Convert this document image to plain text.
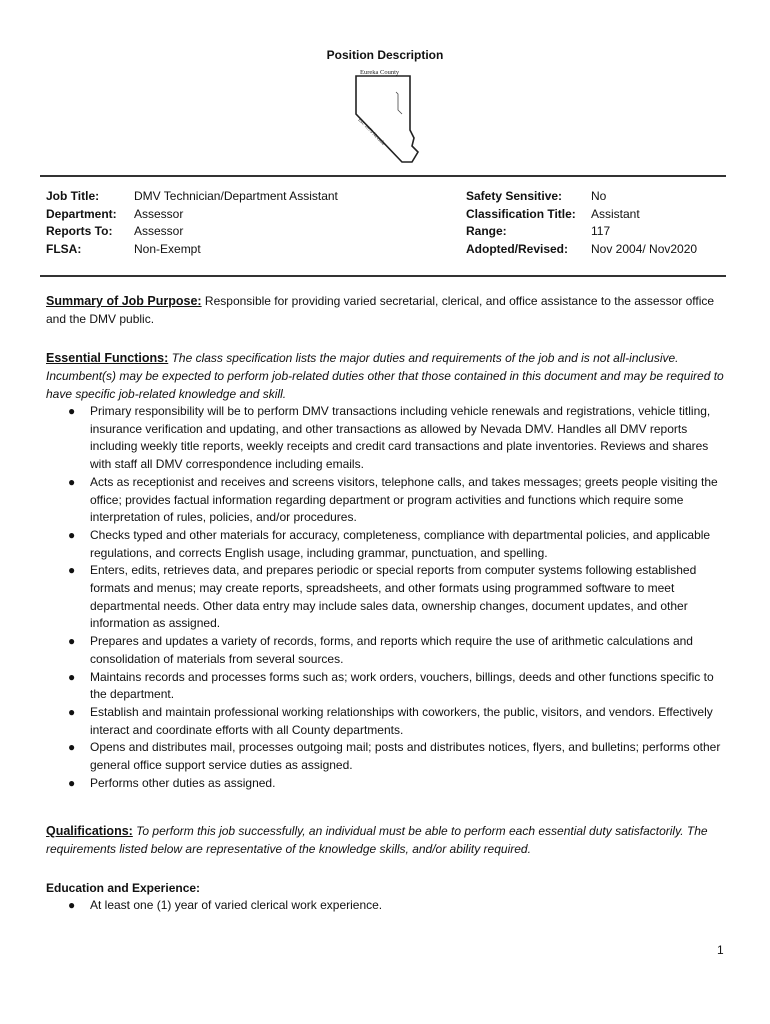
Position Description
Eureka County
Est. 1873 Nevada
Job Title:	DMV Technician/Department Assistant
Department:	Assessor
Reports To:	Assessor
FLSA:	Non-Exempt
Safety Sensitive:	No
Classification Title:	Assistant
Range:	117
Adopted/Revised:	Nov 2004/ Nov2020
Summary of Job Purpose: Responsible for providing varied secretarial, clerical, and office assistance to the assessor office and the DMV public.
Essential Functions: The class specification lists the major duties and requirements of the job and is not all-inclusive. Incumbent(s) may be expected to perform job-related duties other that those contained in this document and may be required to have specific job-related knowledge and skill.
● Primary responsibility will be to perform DMV transactions including vehicle renewals and registrations, vehicle titling, insurance verification and updating, and other transactions as allowed by Nevada DMV. Handles all DMV reports including weekly title reports, weekly receipts and credit card transactions and plate inventories. Reviews and shares with staff all DMV correspondence including emails.
● Acts as receptionist and receives and screens visitors, telephone calls, and takes messages; greets people visiting the office; provides factual information regarding department or program activities and functions which require some interpretation of rules, policies, and/or procedures.
● Checks typed and other materials for accuracy, completeness, compliance with departmental policies, and applicable regulations, and corrects English usage, including grammar, punctuation, and spelling.
● Enters, edits, retrieves data, and prepares periodic or special reports from computer systems following established formats and menus; may create reports, spreadsheets, and other formats using programmed software to meet departmental needs. Other data entry may include sales data, ownership changes, document updates, and other information as assigned.
● Prepares and updates a variety of records, forms, and reports which require the use of arithmetic calculations and consolidation of materials from several sources.
● Maintains records and processes forms such as; work orders, vouchers, billings, deeds and other functions specific to the department.
● Establish and maintain professional working relationships with coworkers, the public, visitors, and vendors. Effectively interact and coordinate efforts with all County departments.
● Opens and distributes mail, processes outgoing mail; posts and distributes notices, flyers, and bulletins; performs other general office support service duties as assigned.
● Performs other duties as assigned.
Qualifications: To perform this job successfully, an individual must be able to perform each essential duty satisfactorily. The requirements listed below are representative of the knowledge skills, and/or ability required.
Education and Experience:
● At least one (1) year of varied clerical work experience.
1
